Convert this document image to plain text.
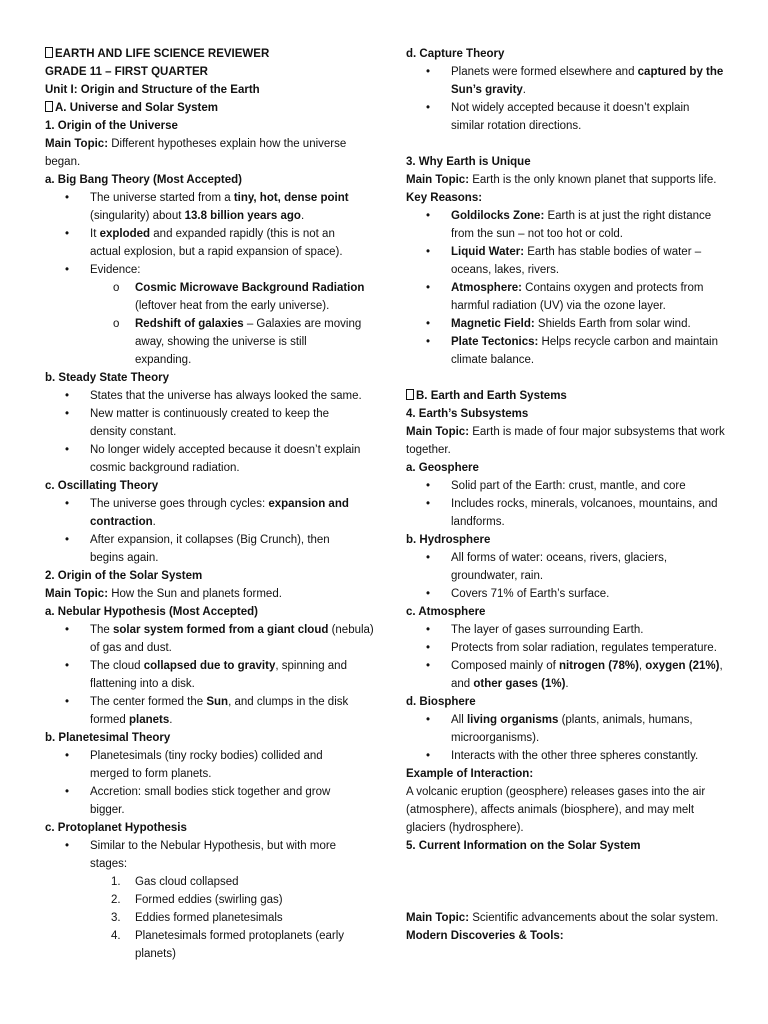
EARTH AND LIFE SCIENCE REVIEWER
GRADE 11 – FIRST QUARTER
Unit I: Origin and Structure of the Earth
A. Universe and Solar System
1. Origin of the Universe
Main Topic: Different hypotheses explain how the universe
began.
a. Big Bang Theory (Most Accepted)
• The universe started from a tiny, hot, dense point
(singularity) about 13.8 billion years ago.
• It exploded and expanded rapidly (this is not an
actual explosion, but a rapid expansion of space).
• Evidence:
o Cosmic Microwave Background Radiation
(leftover heat from the early universe).
o Redshift of galaxies – Galaxies are moving
away, showing the universe is still
expanding.
b. Steady State Theory
• States that the universe has always looked the same.
• New matter is continuously created to keep the
density constant.
• No longer widely accepted because it doesn’t explain
cosmic background radiation.
c. Oscillating Theory
• The universe goes through cycles: expansion and
contraction.
• After expansion, it collapses (Big Crunch), then
begins again.
2. Origin of the Solar System
Main Topic: How the Sun and planets formed.
a. Nebular Hypothesis (Most Accepted)
• The solar system formed from a giant cloud (nebula)
of gas and dust.
• The cloud collapsed due to gravity, spinning and
flattening into a disk.
• The center formed the Sun, and clumps in the disk
formed planets.
b. Planetesimal Theory
• Planetesimals (tiny rocky bodies) collided and
merged to form planets.
• Accretion: small bodies stick together and grow
bigger.
c. Protoplanet Hypothesis
• Similar to the Nebular Hypothesis, but with more
stages:
1. Gas cloud collapsed
2. Formed eddies (swirling gas)
3. Eddies formed planetesimals
4. Planetesimals formed protoplanets (early
planets)
d. Capture Theory
• Planets were formed elsewhere and captured by the
Sun’s gravity.
• Not widely accepted because it doesn’t explain
similar rotation directions.
3. Why Earth is Unique
Main Topic: Earth is the only known planet that supports life.
Key Reasons:
• Goldilocks Zone: Earth is at just the right distance
from the sun – not too hot or cold.
• Liquid Water: Earth has stable bodies of water –
oceans, lakes, rivers.
• Atmosphere: Contains oxygen and protects from
harmful radiation (UV) via the ozone layer.
• Magnetic Field: Shields Earth from solar wind.
• Plate Tectonics: Helps recycle carbon and maintain
climate balance.
B. Earth and Earth Systems
4. Earth’s Subsystems
Main Topic: Earth is made of four major subsystems that work
together.
a. Geosphere
• Solid part of the Earth: crust, mantle, and core
• Includes rocks, minerals, volcanoes, mountains, and
landforms.
b. Hydrosphere
• All forms of water: oceans, rivers, glaciers,
groundwater, rain.
• Covers 71% of Earth’s surface.
c. Atmosphere
• The layer of gases surrounding Earth.
• Protects from solar radiation, regulates temperature.
• Composed mainly of nitrogen (78%), oxygen (21%),
and other gases (1%).
d. Biosphere
• All living organisms (plants, animals, humans,
microorganisms).
• Interacts with the other three spheres constantly.
Example of Interaction:
A volcanic eruption (geosphere) releases gases into the air
(atmosphere), affects animals (biosphere), and may melt
glaciers (hydrosphere).
5. Current Information on the Solar System
Main Topic: Scientific advancements about the solar system.
Modern Discoveries & Tools:
